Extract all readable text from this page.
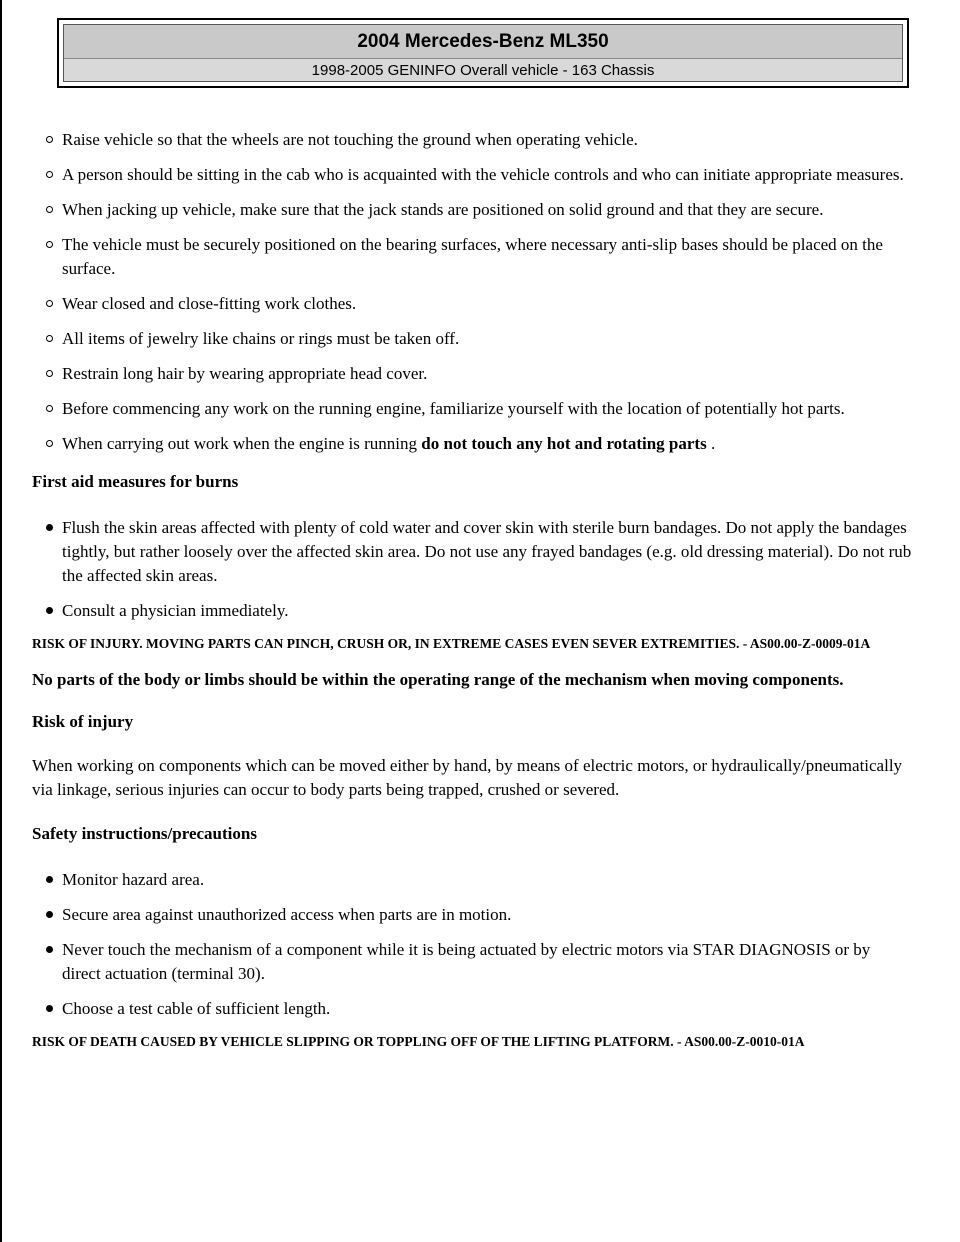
2004 Mercedes-Benz ML350
1998-2005 GENINFO Overall vehicle - 163 Chassis
Raise vehicle so that the wheels are not touching the ground when operating vehicle.
A person should be sitting in the cab who is acquainted with the vehicle controls and who can initiate appropriate measures.
When jacking up vehicle, make sure that the jack stands are positioned on solid ground and that they are secure.
The vehicle must be securely positioned on the bearing surfaces, where necessary anti-slip bases should be placed on the surface.
Wear closed and close-fitting work clothes.
All items of jewelry like chains or rings must be taken off.
Restrain long hair by wearing appropriate head cover.
Before commencing any work on the running engine, familiarize yourself with the location of potentially hot parts.
When carrying out work when the engine is running do not touch any hot and rotating parts .

First aid measures for burns

Flush the skin areas affected with plenty of cold water and cover skin with sterile burn bandages. Do not apply the bandages tightly, but rather loosely over the affected skin area. Do not use any frayed bandages (e.g. old dressing material). Do not rub the affected skin areas.
Consult a physician immediately.

RISK OF INJURY. MOVING PARTS CAN PINCH, CRUSH OR, IN EXTREME CASES EVEN SEVER EXTREMITIES. - AS00.00-Z-0009-01A

No parts of the body or limbs should be within the operating range of the mechanism when moving components.

Risk of injury

When working on components which can be moved either by hand, by means of electric motors, or hydraulically/pneumatically via linkage, serious injuries can occur to body parts being trapped, crushed or severed.

Safety instructions/precautions

Monitor hazard area.
Secure area against unauthorized access when parts are in motion.
Never touch the mechanism of a component while it is being actuated by electric motors via STAR DIAGNOSIS or by direct actuation (terminal 30).
Choose a test cable of sufficient length.

RISK OF DEATH CAUSED BY VEHICLE SLIPPING OR TOPPLING OFF OF THE LIFTING PLATFORM. - AS00.00-Z-0010-01A
